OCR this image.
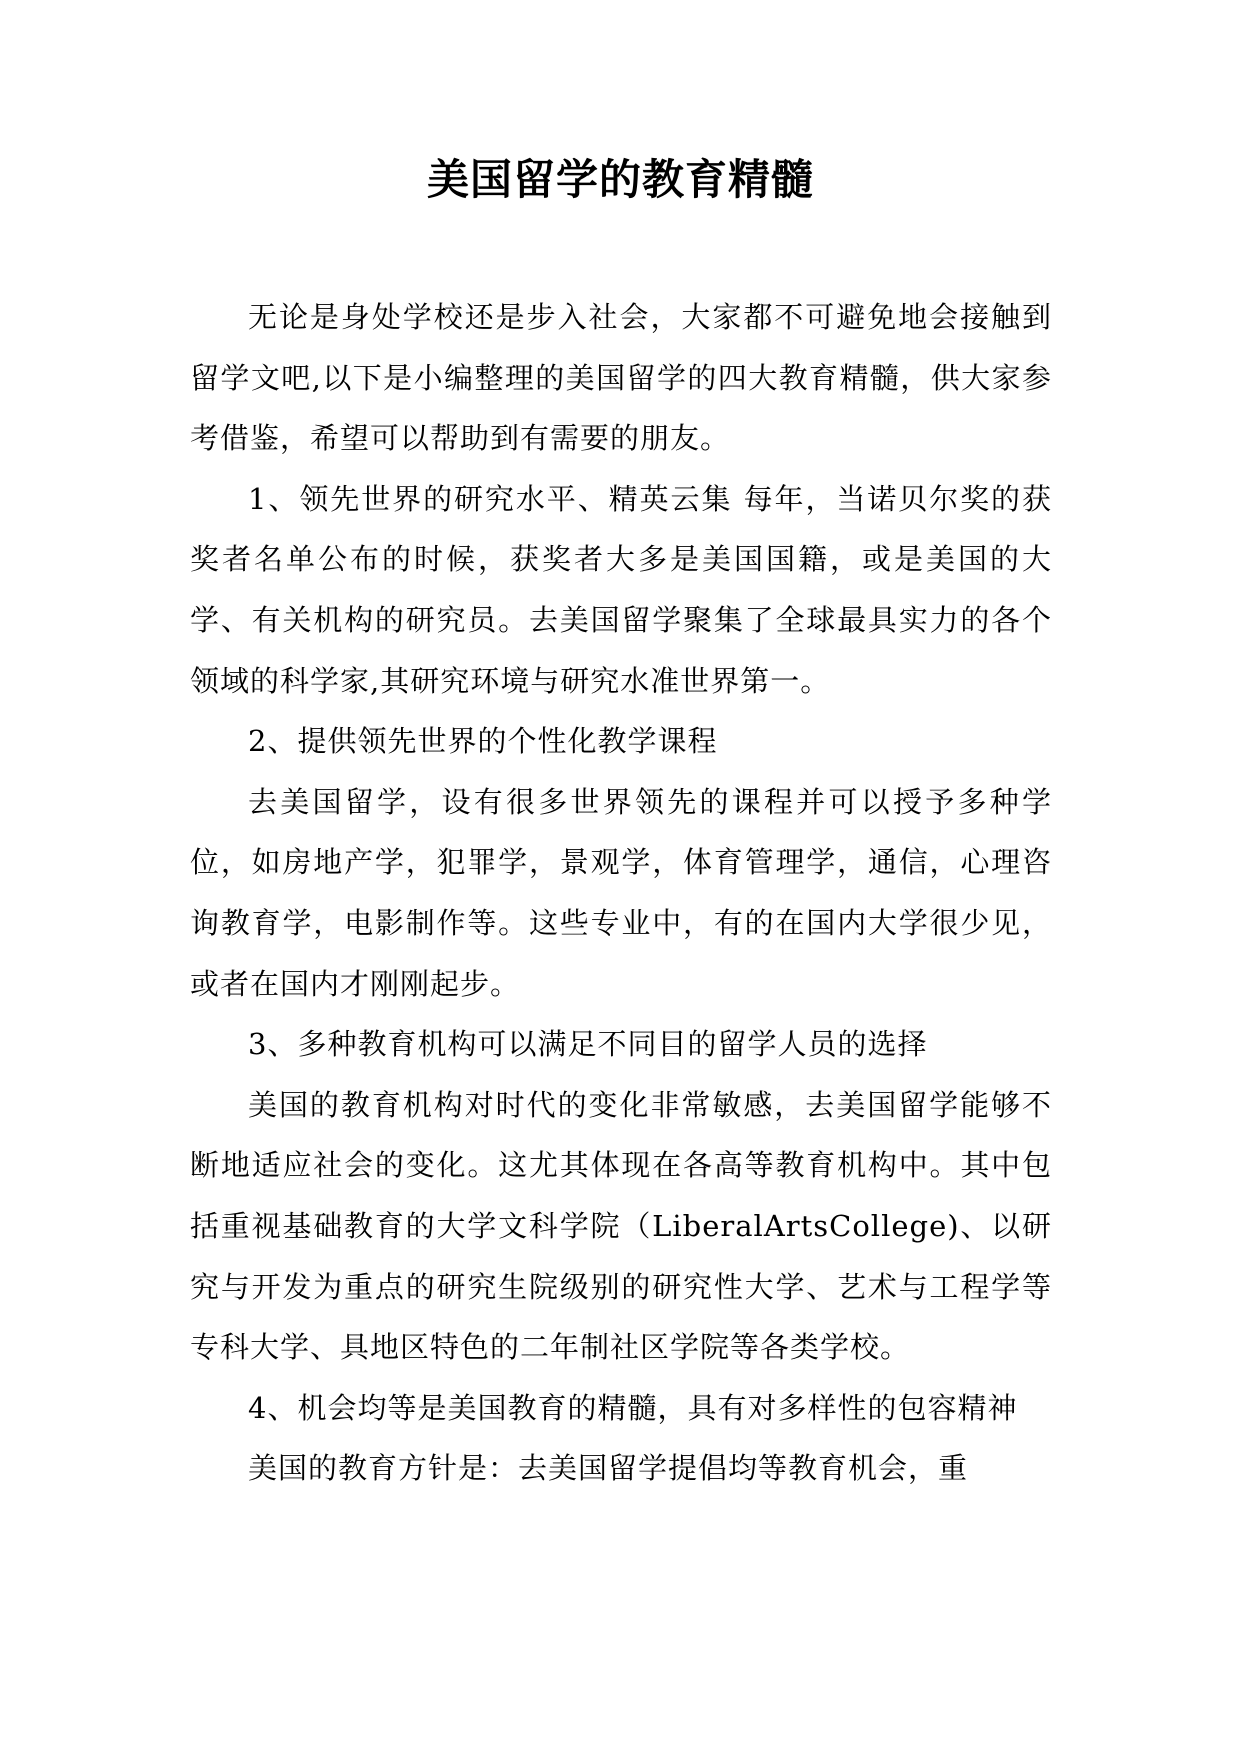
美国留学的教育精髓

无论是身处学校还是步入社会，大家都不可避免地会接触到留学文吧,以下是小编整理的美国留学的四大教育精髓，供大家参考借鉴，希望可以帮助到有需要的朋友。

1、领先世界的研究水平、精英云集 每年，当诺贝尔奖的获奖者名单公布的时候，获奖者大多是美国国籍，或是美国的大学、有关机构的研究员。去美国留学聚集了全球最具实力的各个领域的科学家,其研究环境与研究水准世界第一。

2、提供领先世界的个性化教学课程

去美国留学，设有很多世界领先的课程并可以授予多种学位，如房地产学，犯罪学，景观学，体育管理学，通信，心理咨询教育学，电影制作等。这些专业中，有的在国内大学很少见，或者在国内才刚刚起步。

3、多种教育机构可以满足不同目的留学人员的选择

美国的教育机构对时代的变化非常敏感，去美国留学能够不断地适应社会的变化。这尤其体现在各高等教育机构中。其中包括重视基础教育的大学文科学院（LiberalArtsCollege)、以研究与开发为重点的研究生院级别的研究性大学、艺术与工程学等专科大学、具地区特色的二年制社区学院等各类学校。

4、机会均等是美国教育的精髓，具有对多样性的包容精神

美国的教育方针是：去美国留学提倡均等教育机会，重
